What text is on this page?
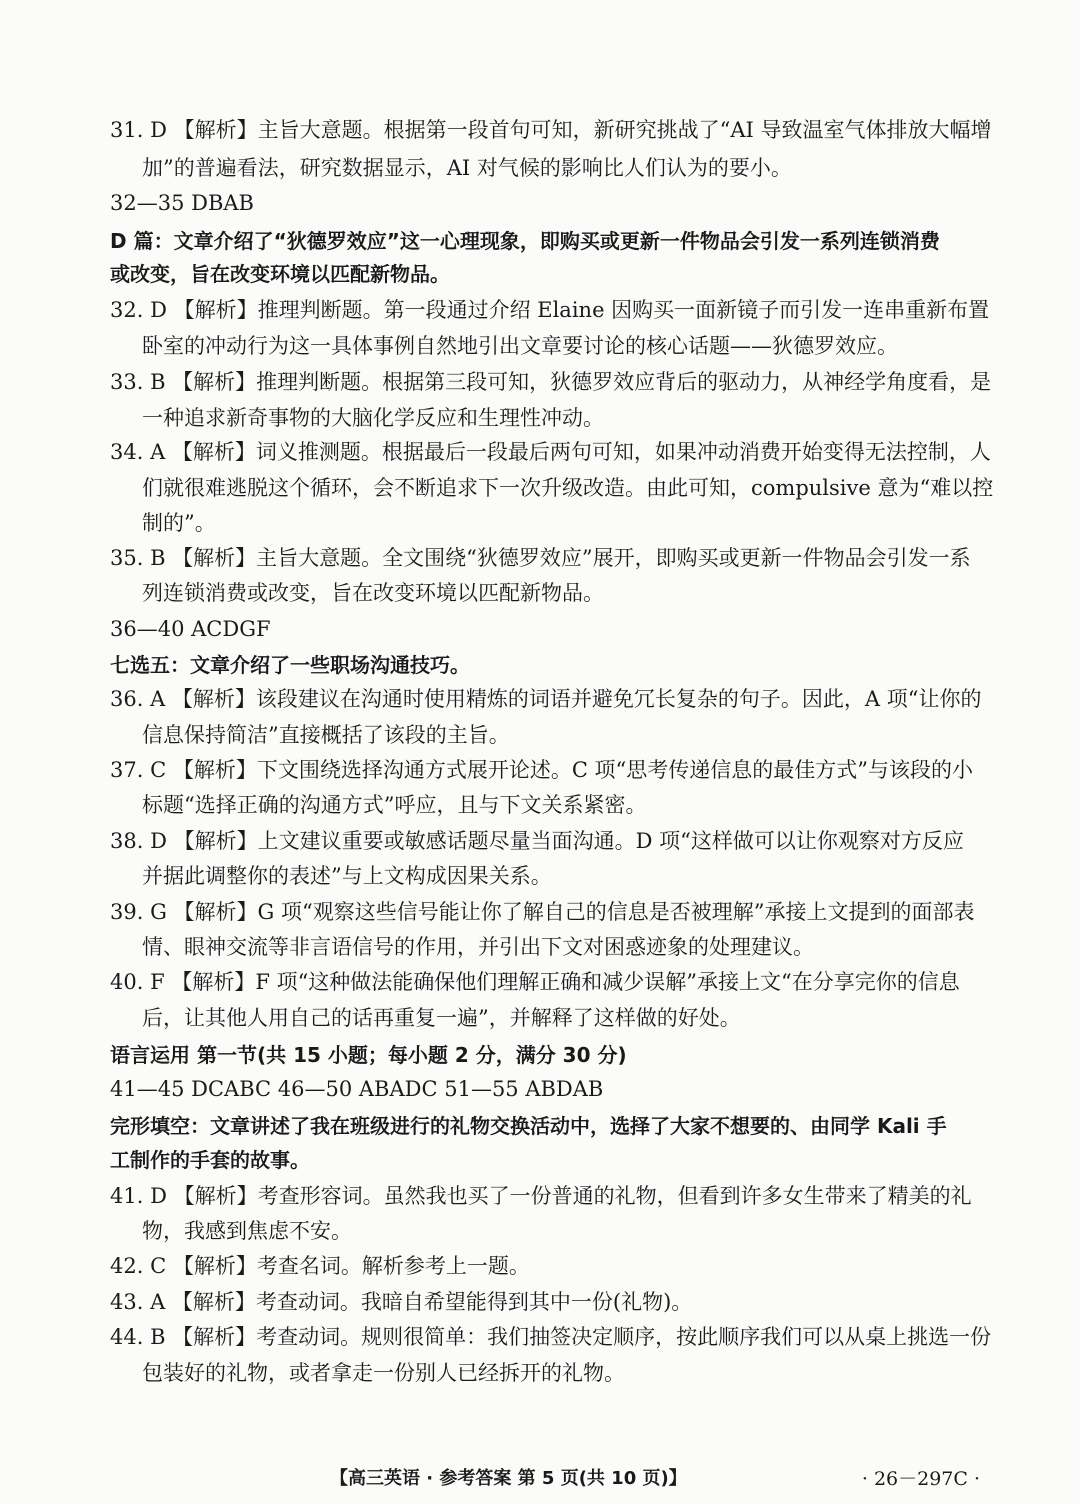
31. D 【解析】主旨大意题。根据第一段首句可知，新研究挑战了“AI 导致温室气体排放大幅增
加”的普遍看法，研究数据显示，AI 对气候的影响比人们认为的要小。
32—35 DBAB
D 篇：文章介绍了“狄德罗效应”这一心理现象，即购买或更新一件物品会引发一系列连锁消费
或改变，旨在改变环境以匹配新物品。
32. D 【解析】推理判断题。第一段通过介绍 Elaine 因购买一面新镜子而引发一连串重新布置
卧室的冲动行为这一具体事例自然地引出文章要讨论的核心话题——狄德罗效应。
33. B 【解析】推理判断题。根据第三段可知，狄德罗效应背后的驱动力，从神经学角度看，是
一种追求新奇事物的大脑化学反应和生理性冲动。
34. A 【解析】词义推测题。根据最后一段最后两句可知，如果冲动消费开始变得无法控制，人
们就很难逃脱这个循环，会不断追求下一次升级改造。由此可知，compulsive 意为“难以控
制的”。
35. B 【解析】主旨大意题。全文围绕“狄德罗效应”展开，即购买或更新一件物品会引发一系
列连锁消费或改变，旨在改变环境以匹配新物品。
36—40 ACDGF
七选五：文章介绍了一些职场沟通技巧。
36. A 【解析】该段建议在沟通时使用精炼的词语并避免冗长复杂的句子。因此，A 项“让你的
信息保持简洁”直接概括了该段的主旨。
37. C 【解析】下文围绕选择沟通方式展开论述。C 项“思考传递信息的最佳方式”与该段的小
标题“选择正确的沟通方式”呼应，且与下文关系紧密。
38. D 【解析】上文建议重要或敏感话题尽量当面沟通。D 项“这样做可以让你观察对方反应
并据此调整你的表述”与上文构成因果关系。
39. G 【解析】G 项“观察这些信号能让你了解自己的信息是否被理解”承接上文提到的面部表
情、眼神交流等非言语信号的作用，并引出下文对困惑迹象的处理建议。
40. F 【解析】F 项“这种做法能确保他们理解正确和减少误解”承接上文“在分享完你的信息
后，让其他人用自己的话再重复一遍”，并解释了这样做的好处。
语言运用 第一节(共 15 小题；每小题 2 分，满分 30 分)
41—45 DCABC 46—50 ABADC 51—55 ABDAB
完形填空：文章讲述了我在班级进行的礼物交换活动中，选择了大家不想要的、由同学 Kali 手
工制作的手套的故事。
41. D 【解析】考查形容词。虽然我也买了一份普通的礼物，但看到许多女生带来了精美的礼
物，我感到焦虑不安。
42. C 【解析】考查名词。解析参考上一题。
43. A 【解析】考查动词。我暗自希望能得到其中一份(礼物)。
44. B 【解析】考查动词。规则很简单：我们抽签决定顺序，按此顺序我们可以从桌上挑选一份
包装好的礼物，或者拿走一份别人已经拆开的礼物。
【高三英语 · 参考答案 第 5 页(共 10 页)】	· 26－297C ·
